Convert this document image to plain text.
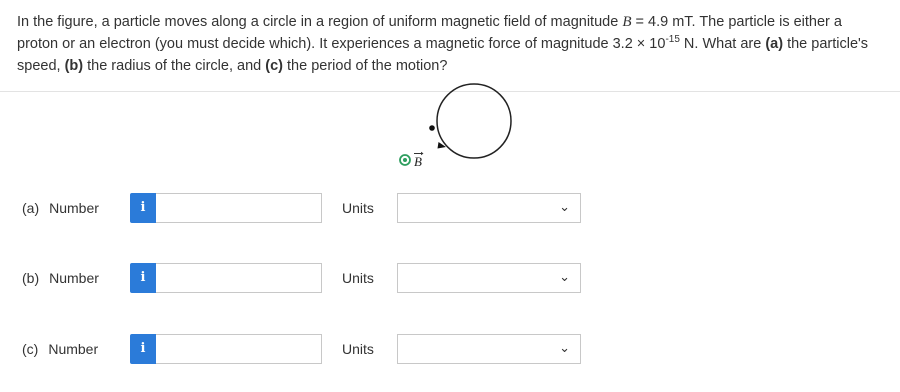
In the figure, a particle moves along a circle in a region of uniform magnetic field of magnitude B = 4.9 mT. The particle is either a proton or an electron (you must decide which). It experiences a magnetic force of magnitude $3.2 \times 10^{-15}$ N. What are (a) the particle's speed, (b) the radius of the circle, and (c) the period of the motion?
B
(a) Number	i	Units	⌄
(b) Number	i	Units	⌄
(c) Number	i	Units	⌄
